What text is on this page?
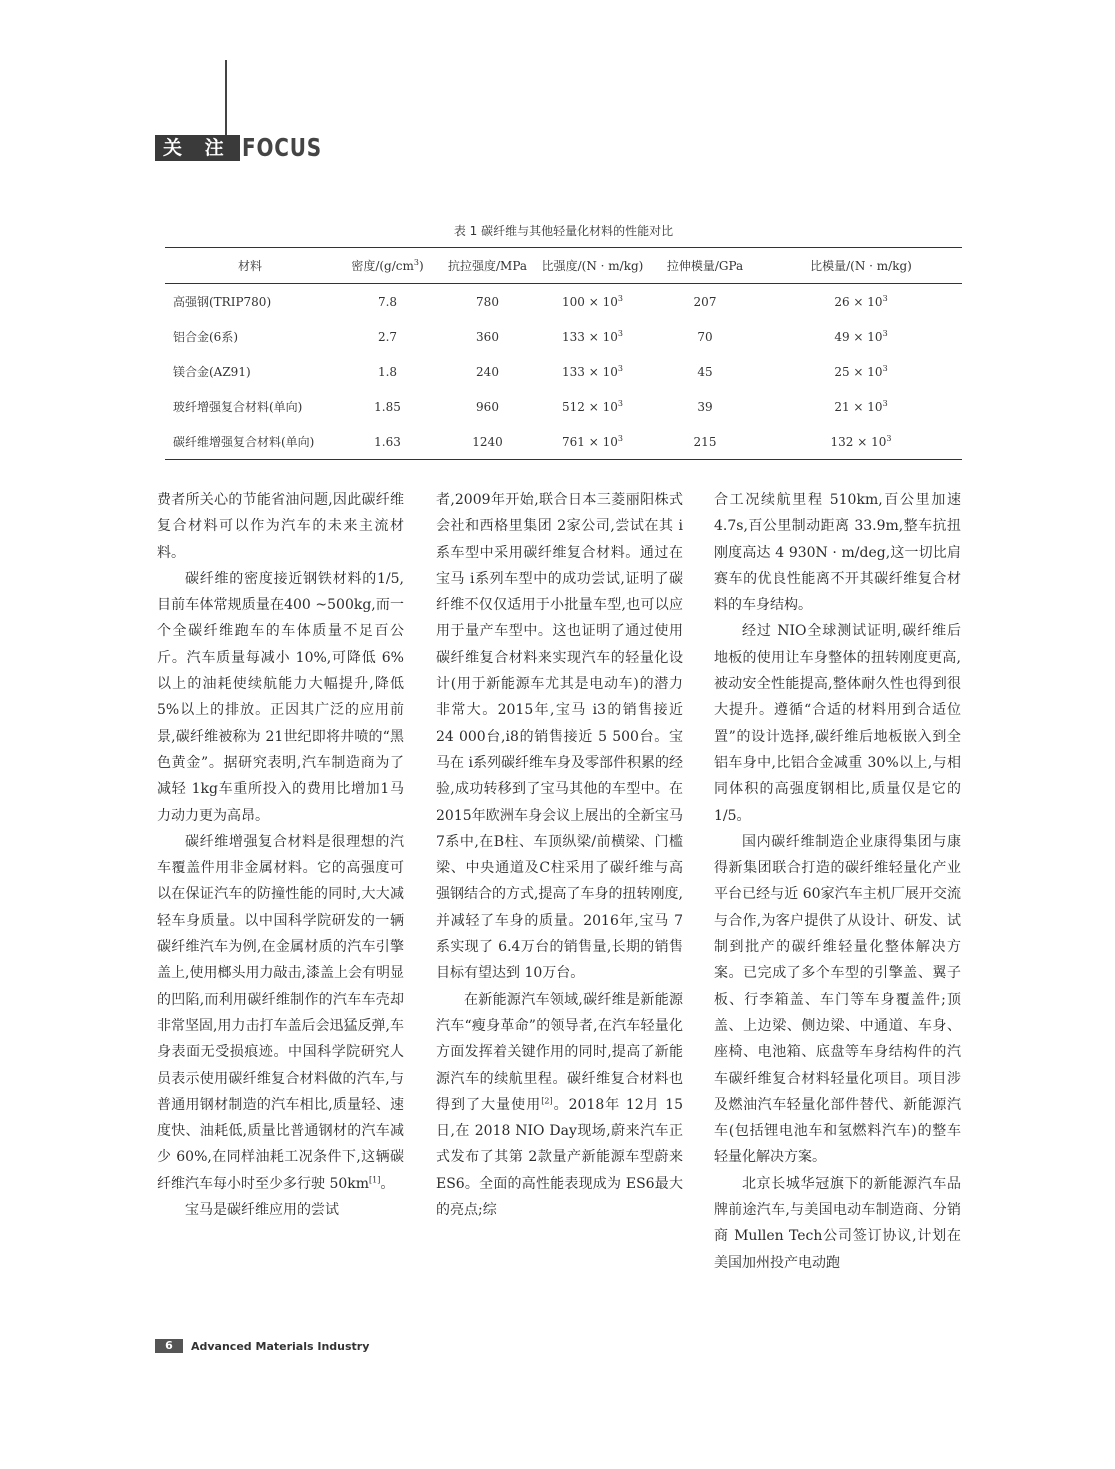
关 注 FOCUS
表 1 碳纤维与其他轻量化材料的性能对比
材料	密度$/(g/cm^3)$	抗拉强度/MPa	比强度/(N · m/kg)	拉伸模量/GPa	比模量/(N · m/kg)
高强钢(TRIP780)	7.8	780	$100 \times 10^3$	207	$26 \times 10^3$
铝合金(6系)	2.7	360	$133 \times 10^3$	70	$49 \times 10^3$
镁合金(AZ91)	1.8	240	$133 \times 10^3$	45	$25 \times 10^3$
玻纤增强复合材料(单向)	1.85	960	$512 \times 10^3$	39	$21 \times 10^3$
碳纤维增强复合材料(单向)	1.63	1240	$761 \times 10^3$	215	$132 \times 10^3$

费者所关心的节能省油问题,因此碳纤维复合材料可以作为汽车的未来主流材料。

碳纤维的密度接近钢铁材料的1/5,目前车体常规质量在400 ~500kg,而一个全碳纤维跑车的车体质量不足百公斤。汽车质量每减小 10%,可降低 6%以上的油耗使续航能力大幅提升,降低 5%以上的排放。正因其广泛的应用前景,碳纤维被称为 21世纪即将井喷的“黑色黄金”。据研究表明,汽车制造商为了减轻 1kg车重所投入的费用比增加1马力动力更为高昂。

碳纤维增强复合材料是很理想的汽车覆盖件用非金属材料。它的高强度可以在保证汽车的防撞性能的同时,大大减轻车身质量。以中国科学院研发的一辆碳纤维汽车为例,在金属材质的汽车引擎盖上,使用榔头用力敲击,漆盖上会有明显的凹陷,而利用碳纤维制作的汽车车壳却非常坚固,用力击打车盖后会迅猛反弹,车身表面无受损痕迹。中国科学院研究人员表示使用碳纤维复合材料做的汽车,与普通用钢材制造的汽车相比,质量轻、速度快、油耗低,质量比普通钢材的汽车减少 60%,在同样油耗工况条件下,这辆碳纤维汽车每小时至少多行驶 50km[1]。

宝马是碳纤维应用的尝试

者,2009年开始,联合日本三菱丽阳株式会社和西格里集团 2家公司,尝试在其 i系车型中采用碳纤维复合材料。通过在宝马 i系列车型中的成功尝试,证明了碳纤维不仅仅适用于小批量车型,也可以应用于量产车型中。这也证明了通过使用碳纤维复合材料来实现汽车的轻量化设计(用于新能源车尤其是电动车)的潜力非常大。2015年,宝马 i3的销售接近 24 000台,i8的销售接近 5 500台。宝马在 i系列碳纤维车身及零部件积累的经验,成功转移到了宝马其他的车型中。在 2015年欧洲车身会议上展出的全新宝马 7系中,在B柱、车顶纵梁/前横梁、门槛梁、中央通道及C柱采用了碳纤维与高强钢结合的方式,提高了车身的扭转刚度,并减轻了车身的质量。2016年,宝马 7系实现了 6.4万台的销售量,长期的销售目标有望达到 10万台。

在新能源汽车领域,碳纤维是新能源汽车“瘦身革命”的领导者,在汽车轻量化方面发挥着关键作用的同时,提高了新能源汽车的续航里程。碳纤维复合材料也得到了大量使用[2]。2018年 12月 15日,在 2018 NIO Day现场,蔚来汽车正式发布了其第 2款量产新能源车型蔚来 ES6。全面的高性能表现成为 ES6最大的亮点;综

合工况续航里程 510km,百公里加速 4.7s,百公里制动距离 33.9m,整车抗扭刚度高达 4 930N · m/deg,这一切比肩赛车的优良性能离不开其碳纤维复合材料的车身结构。

经过 NIO全球测试证明,碳纤维后地板的使用让车身整体的扭转刚度更高,被动安全性能提高,整体耐久性也得到很大提升。遵循“合适的材料用到合适位置”的设计选择,碳纤维后地板嵌入到全铝车身中,比铝合金减重 30%以上,与相同体积的高强度钢相比,质量仅是它的 1/5。

国内碳纤维制造企业康得集团与康得新集团联合打造的碳纤维轻量化产业平台已经与近 60家汽车主机厂展开交流与合作,为客户提供了从设计、研发、试制到批产的碳纤维轻量化整体解决方案。已完成了多个车型的引擎盖、翼子板、行李箱盖、车门等车身覆盖件;顶盖、上边梁、侧边梁、中通道、车身、座椅、电池箱、底盘等车身结构件的汽车碳纤维复合材料轻量化项目。项目涉及燃油汽车轻量化部件替代、新能源汽车(包括锂电池车和氢燃料汽车)的整车轻量化解决方案。

北京长城华冠旗下的新能源汽车品牌前途汽车,与美国电动车制造商、分销商 Mullen Tech公司签订协议,计划在美国加州投产电动跑

6	Advanced Materials Industry
